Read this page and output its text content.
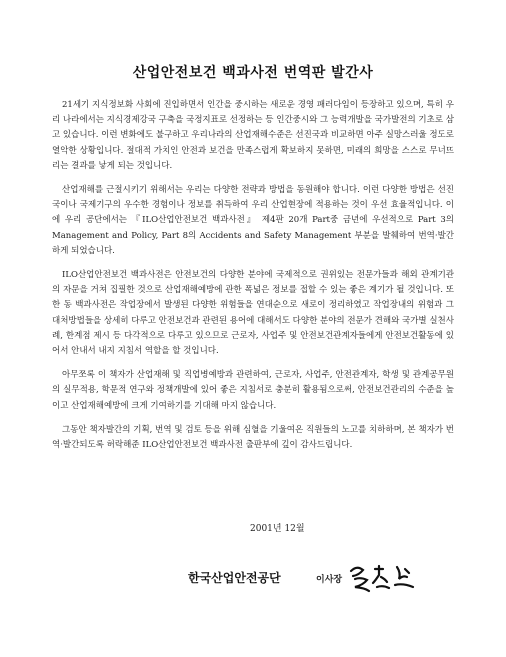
산업안전보건 백과사전 번역판 발간사

21세기 지식정보화 사회에 진입하면서 인간을 중시하는 새로운 경영 패러다임이 등장하고 있으며, 특히 우리 나라에서는 지식경제강국 구축을 국정지표로 선정하는 등 인간중시와 그 능력개발을 국가발전의 기초로 삼고 있습니다. 이런 변화에도 불구하고 우리나라의 산업재해수준은 선진국과 비교하면 아주 실망스러울 정도로 열악한 상황입니다. 절대적 가치인 안전과 보건을 만족스럽게 확보하지 못하면, 미래의 희망을 스스로 무너뜨리는 결과를 낳게 되는 것입니다.

산업재해를 근절시키기 위해서는 우리는 다양한 전략과 방법을 동원해야 합니다. 이런 다양한 방법은 선진국이나 국제기구의 우수한 경험이나 정보를 취득하여 우리 산업현장에 적용하는 것이 우선 효율적입니다. 이에 우리 공단에서는 『ILO산업안전보건 백과사전』 제4판 20개 Part중 금년에 우선적으로 Part 3의 Management and Policy, Part 8의 Accidents and Safety Management 부분을 발췌하여 번역·발간하게 되었습니다.

ILO산업안전보건 백과사전은 안전보건의 다양한 분야에 국제적으로 권위있는 전문가들과 해외 관계기관의 자문을 거쳐 집필한 것으로 산업재해예방에 관한 폭넓은 정보를 접할 수 있는 좋은 계기가 될 것입니다. 또한 동 백과사전은 작업장에서 발생된 다양한 위험들을 연대순으로 새로이 정리하였고 작업장내의 위험과 그 대처방법들을 상세히 다루고 안전보건과 관련된 용어에 대해서도 다양한 분야의 전문가 견해와 국가별 실천사례, 한계점 제시 등 다각적으로 다루고 있으므로 근로자, 사업주 및 안전보건관계자들에게 안전보건활동에 있어서 안내서 내지 지침서 역할을 할 것입니다.

아무쪼록 이 책자가 산업재해 및 직업병예방과 관련하여, 근로자, 사업주, 안전관계자, 학생 및 관계공무원의 실무적용, 학문적 연구와 정책개발에 있어 좋은 지침서로 충분히 활용됨으로써, 안전보건관리의 수준을 높이고 산업재해예방에 크게 기여하기를 기대해 마지 않습니다.

그동안 책자발간의 기획, 번역 및 검토 등을 위해 심혈을 기울여온 직원들의 노고를 치하하며, 본 책자가 번역·발간되도록 허락해준 ILO산업안전보건 백과사전 출판부에 깊이 감사드립니다.

2001년 12월
한국산업안전공단	이사장
